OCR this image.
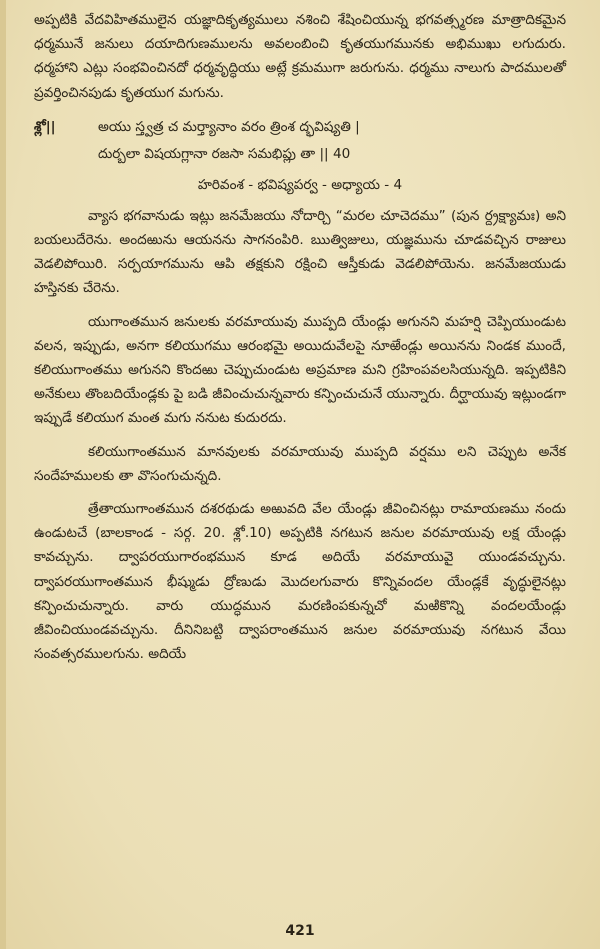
అప్పటికి వేదవిహితములైన యజ్ఞాదికృత్యములు నశించి శేషించియున్న భగవత్స్మరణ మాత్రాదికమైన ధర్మమునే జనులు దయాదిగుణములను అవలంబించి కృతయుగమునకు అభిముఖు లగుదురు. ధర్మహాని ఎట్లు సంభవించినదో ధర్మవృద్ధియు అట్లే క్రమముగా జరుగును. ధర్మము నాలుగు పాదములతో ప్రవర్తించినపుడు కృతయుగ మగును.

శ్లో||	అయు స్త్వత్ర చ మర్త్యానాం వరం త్రింశ ద్భవిష్యతి |
దుర్బలా విషయగ్లానా రజసా సమభిప్లు తా || 40
హరివంశ - భవిష్యపర్వ - అధ్యాయ - 4

వ్యాస భగవానుడు ఇట్లు జనమేజయు నోదార్చి “మరల చూచెదము” (పున ర్ద్రక్ష్యామః) అని బయలుదేరెను. అందఱును ఆయనను సాగనంపిరి. ఋత్విజులు, యజ్ఞమును చూడవచ్చిన రాజులు వెడలిపోయిరి. సర్పయాగమును ఆపి తక్షకుని రక్షించి ఆస్తీకుడు వెడలిపోయెను. జనమేజయుడు హస్తినకు చేరెను.

యుగాంతమున జనులకు వరమాయువు ముప్పది యేండ్లు అగునని మహర్షి చెప్పియుండుట వలన, ఇప్పుడు, అనగా కలియుగము ఆరంభమై అయిదువేలపై నూఱేండ్లు అయినను నిండక ముందే, కలియుగాంతము అగునని కొందఱు చెప్పుచుండుట అప్రమాణ మని గ్రహింపవలసియున్నది. ఇప్పటికిని అనేకులు తొంబదియేండ్లకు పై బడి జీవించుచున్నవారు కన్పించుచునే యున్నారు. దీర్ఘాయువు ఇట్లుండగా ఇప్పుడే కలియుగ మంత మగు ననుట కుదురదు.

కలియుగాంతమున మానవులకు వరమాయువు ముప్పది వర్షము లని చెప్పుట అనేక సందేహములకు తా వొసంగుచున్నది.

త్రేతాయుగాంతమున దశరథుడు అఱువది వేల యేండ్లు జీవించినట్లు రామాయణము నందు ఉండుటచే (బాలకాండ - సర్గ. 20. శ్లో.10) అప్పటికి నగటున జనుల వరమాయువు లక్ష యేండ్లు కావచ్చును. ద్వాపరయుగారంభమున కూడ అదియే వరమాయువై యుండవచ్చును. ద్వాపరయుగాంతమున భీష్ముడు ద్రోణుడు మొదలగువారు కొన్నివందల యేండ్లకే వృద్ధులైనట్లు కన్పించుచున్నారు. వారు యుద్ధమున మరణింపకున్నచో మఱికొన్ని వందలయేండ్లు జీవించియుండవచ్చును. దీనినిబట్టి ద్వాపరాంతమున జనుల వరమాయువు నగటున వేయి సంవత్సరములగును. అదియే

421
